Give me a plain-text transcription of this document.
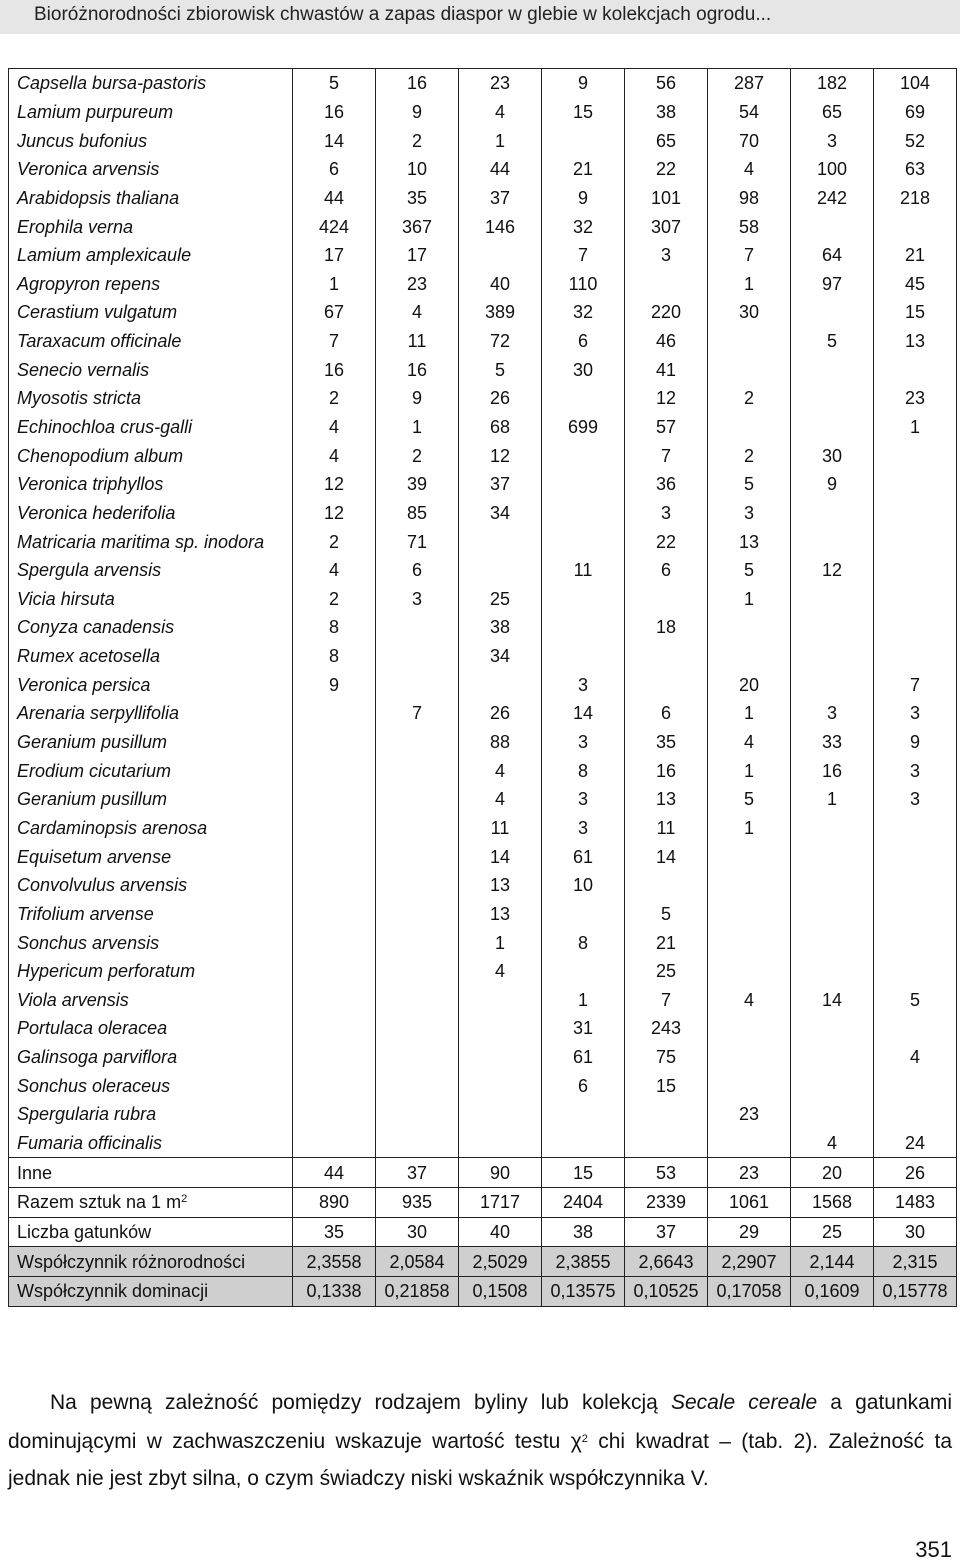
Bioróżnorodności zbiorowisk chwastów a zapas diaspor w glebie w kolekcjach ogrodu...
Capsella bursa-pastoris	5	16	23	9	56	287	182	104
Lamium purpureum	16	9	4	15	38	54	65	69
Juncus bufonius	14	2	1		65	70	3	52
Veronica arvensis	6	10	44	21	22	4	100	63
Arabidopsis thaliana	44	35	37	9	101	98	242	218
Erophila verna	424	367	146	32	307	58		
Lamium amplexicaule	17	17		7	3	7	64	21
Agropyron repens	1	23	40	110		1	97	45
Cerastium vulgatum	67	4	389	32	220	30		15
Taraxacum officinale	7	11	72	6	46		5	13
Senecio vernalis	16	16	5	30	41			
Myosotis stricta	2	9	26		12	2		23
Echinochloa crus-galli	4	1	68	699	57			1
Chenopodium album	4	2	12		7	2	30	
Veronica triphyllos	12	39	37		36	5	9	
Veronica hederifolia	12	85	34		3	3		
Matricaria maritima sp. inodora	2	71			22	13		
Spergula arvensis	4	6		11	6	5	12	
Vicia hirsuta	2	3	25			1		
Conyza canadensis	8		38		18			
Rumex acetosella	8		34					
Veronica persica	9			3		20		7
Arenaria serpyllifolia		7	26	14	6	1	3	3
Geranium pusillum			88	3	35	4	33	9
Erodium cicutarium			4	8	16	1	16	3
Geranium pusillum			4	3	13	5	1	3
Cardaminopsis arenosa			11	3	11	1		
Equisetum arvense			14	61	14			
Convolvulus arvensis			13	10				
Trifolium arvense			13		5			
Sonchus arvensis			1	8	21			
Hypericum perforatum			4		25			
Viola arvensis				1	7	4	14	5
Portulaca oleracea				31	243			
Galinsoga parviflora				61	75			4
Sonchus oleraceus				6	15			
Spergularia rubra						23		
Fumaria officinalis							4	24
Inne	44	37	90	15	53	23	20	26
Razem sztuk na 1 $m^2$	890	935	1717	2404	2339	1061	1568	1483
Liczba gatunków	35	30	40	38	37	29	25	30
Współczynnik różnorodności	2,3558	2,0584	2,5029	2,3855	2,6643	2,2907	2,144	2,315
Współczynnik dominacji	0,1338	0,21858	0,1508	0,13575	0,10525	0,17058	0,1609	0,15778
Na pewną zależność pomiędzy rodzajem byliny lub kolekcją Secale cereale a gatunkami dominującymi w zachwaszczeniu wskazuje wartość testu $\chi^2$ chi kwadrat – (tab. 2). Zależność ta jednak nie jest zbyt silna, o czym świadczy niski wskaźnik współczynnika V.
351
